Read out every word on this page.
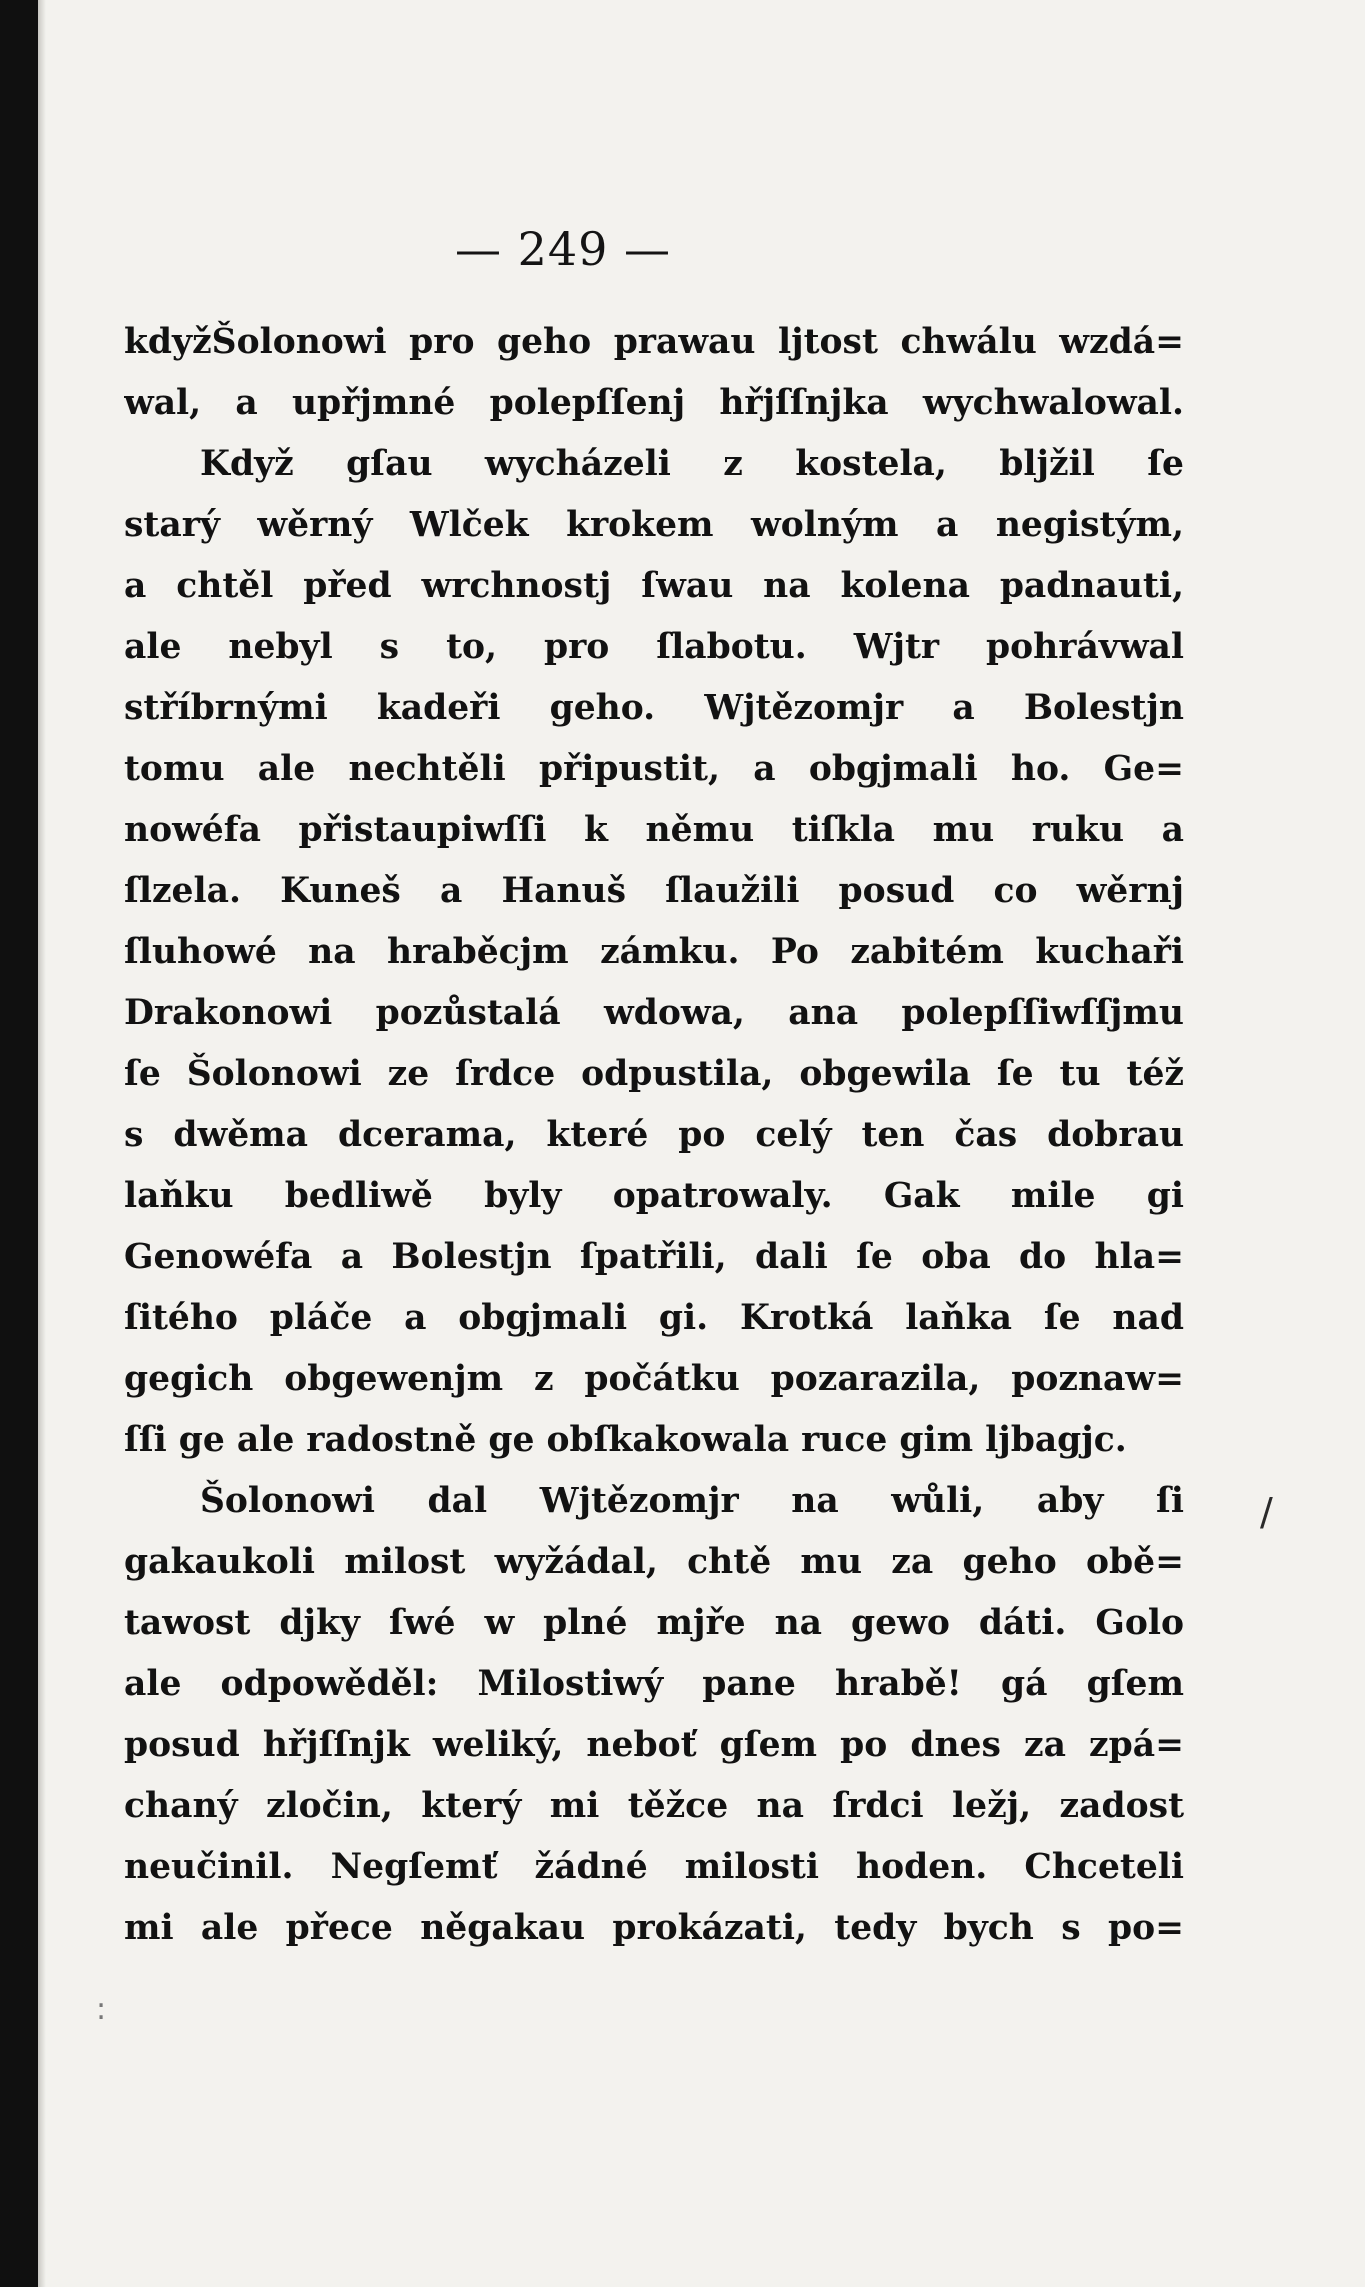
— 249 —
kdyžŠolonowi pro geho prawau ljtost chwálu wzdá=
wal, a upřjmné polepſſenj hřjſſnjka wychwalowal.
Když gſau wycházeli z kostela, blјžil ſe
starý wěrný Wlček krokem wolným a negistým,
a chtěl před wrchnostj ſwau na kolena padnauti,
ale nebyl s to, pro ſlabotu. Wjtr pohrávwal
stříbrnými kadeři geho. Wjtězomjr a Bolestjn
tomu ale nechtěli připustit, a obgjmali ho. Ge=
nowéfa přistaupiwſſi k němu tiſkla mu ruku a
ſlzela. Kuneš a Hanuš ſlaužili posud co wěrnj
ſluhowé na hraběcjm zámku. Po zabitém kuchaři
Drakonowi pozůstalá wdowa, ana polepſſiwſſjmu
ſe Šolonowi ze ſrdce odpustila, obgewila ſe tu též
s dwěma dcerama, které po celý ten čas dobrau
laňku bedliwě byly opatrowaly. Gak mile gi
Genowéfa a Bolestjn ſpatřili, dali ſe oba do hla=
ſitého pláče a obgjmali gi. Krotká laňka ſe nad
gegich obgewenjm z počátku pozarazila, poznaw=
ſſi ge ale radostně ge obſkakowala ruce gim ljbagjc.
Šolonowi dal Wjtězomjr na wůli, aby ſi
gakaukoli milost wyžádal, chtě mu za geho obě=
tawost djky ſwé w plné mjře na gewo dáti. Golo
ale odpowěděl: Milostiwý pane hrabě! gá gſem
posud hřjſſnjk weliký, neboť gſem po dnes za zpá=
chaný zločin, který mi těžce na ſrdci ležj, zadost
neučinil. Negſemť žádné milosti hoden. Chceteli
mi ale přece něgakau prokázati, tedy bych s po=
/
:
